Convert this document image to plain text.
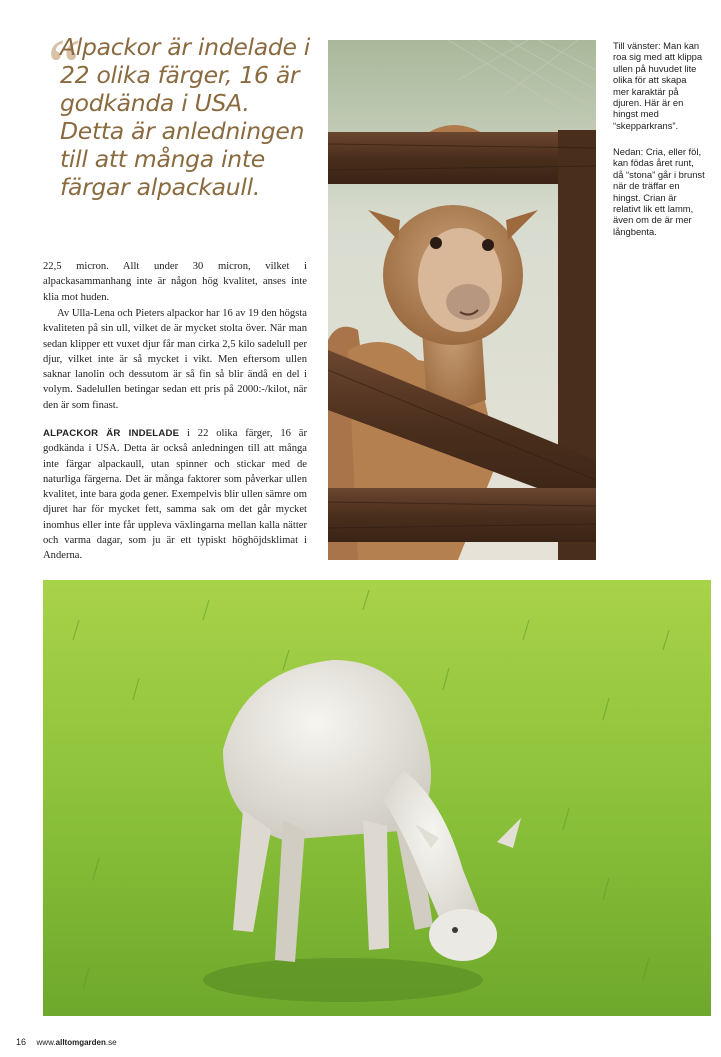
“

Alpackor är indelade i 22 olika färger, 16 är godkända i USA. Detta är anledningen till att många inte färgar alpackaull.

22,5 micron. Allt under 30 micron, vilket i alpackasammanhang inte är någon hög kvalitet, anses inte klia mot huden.

Av Ulla-Lena och Pieters alpackor har 16 av 19 den högsta kvaliteten på sin ull, vilket de är mycket stolta över. När man sedan klipper ett vuxet djur får man cirka 2,5 kilo sadelull per djur, vilket inte är så mycket i vikt. Men eftersom ullen saknar lanolin och dessutom är så fin så blir ändå en del i volym. Sadelullen betingar sedan ett pris på 2000:-/kilot, när den är som finast.

ALPACKOR ÄR INDELADE i 22 olika färger, 16 är godkända i USA. Detta är också anledningen till att många inte färgar alpackaull, utan spinner och stickar med de naturliga färgerna. Det är många faktorer som påverkar ullen kvalitet, inte bara goda gener. Exempelvis blir ullen sämre om djuret har för mycket fett, samma sak om det går mycket inomhus eller inte får uppleva växlingarna mellan kalla nätter och varma dagar, som ju är ett typiskt höghöjdsklimat i Anderna.

Till vänster: Man kan roa sig med att klippa ullen på huvudet lite olika för att skapa mer karaktär på djuren. Här är en hingst med “skepparkrans”.

Nedan: Cria, eller föl, kan födas året runt, då “stona” går i brunst när de träffar en hingst. Crian är relativt lik ett lamm, även om de är mer långbenta.

16 www.alltomgarden.se
